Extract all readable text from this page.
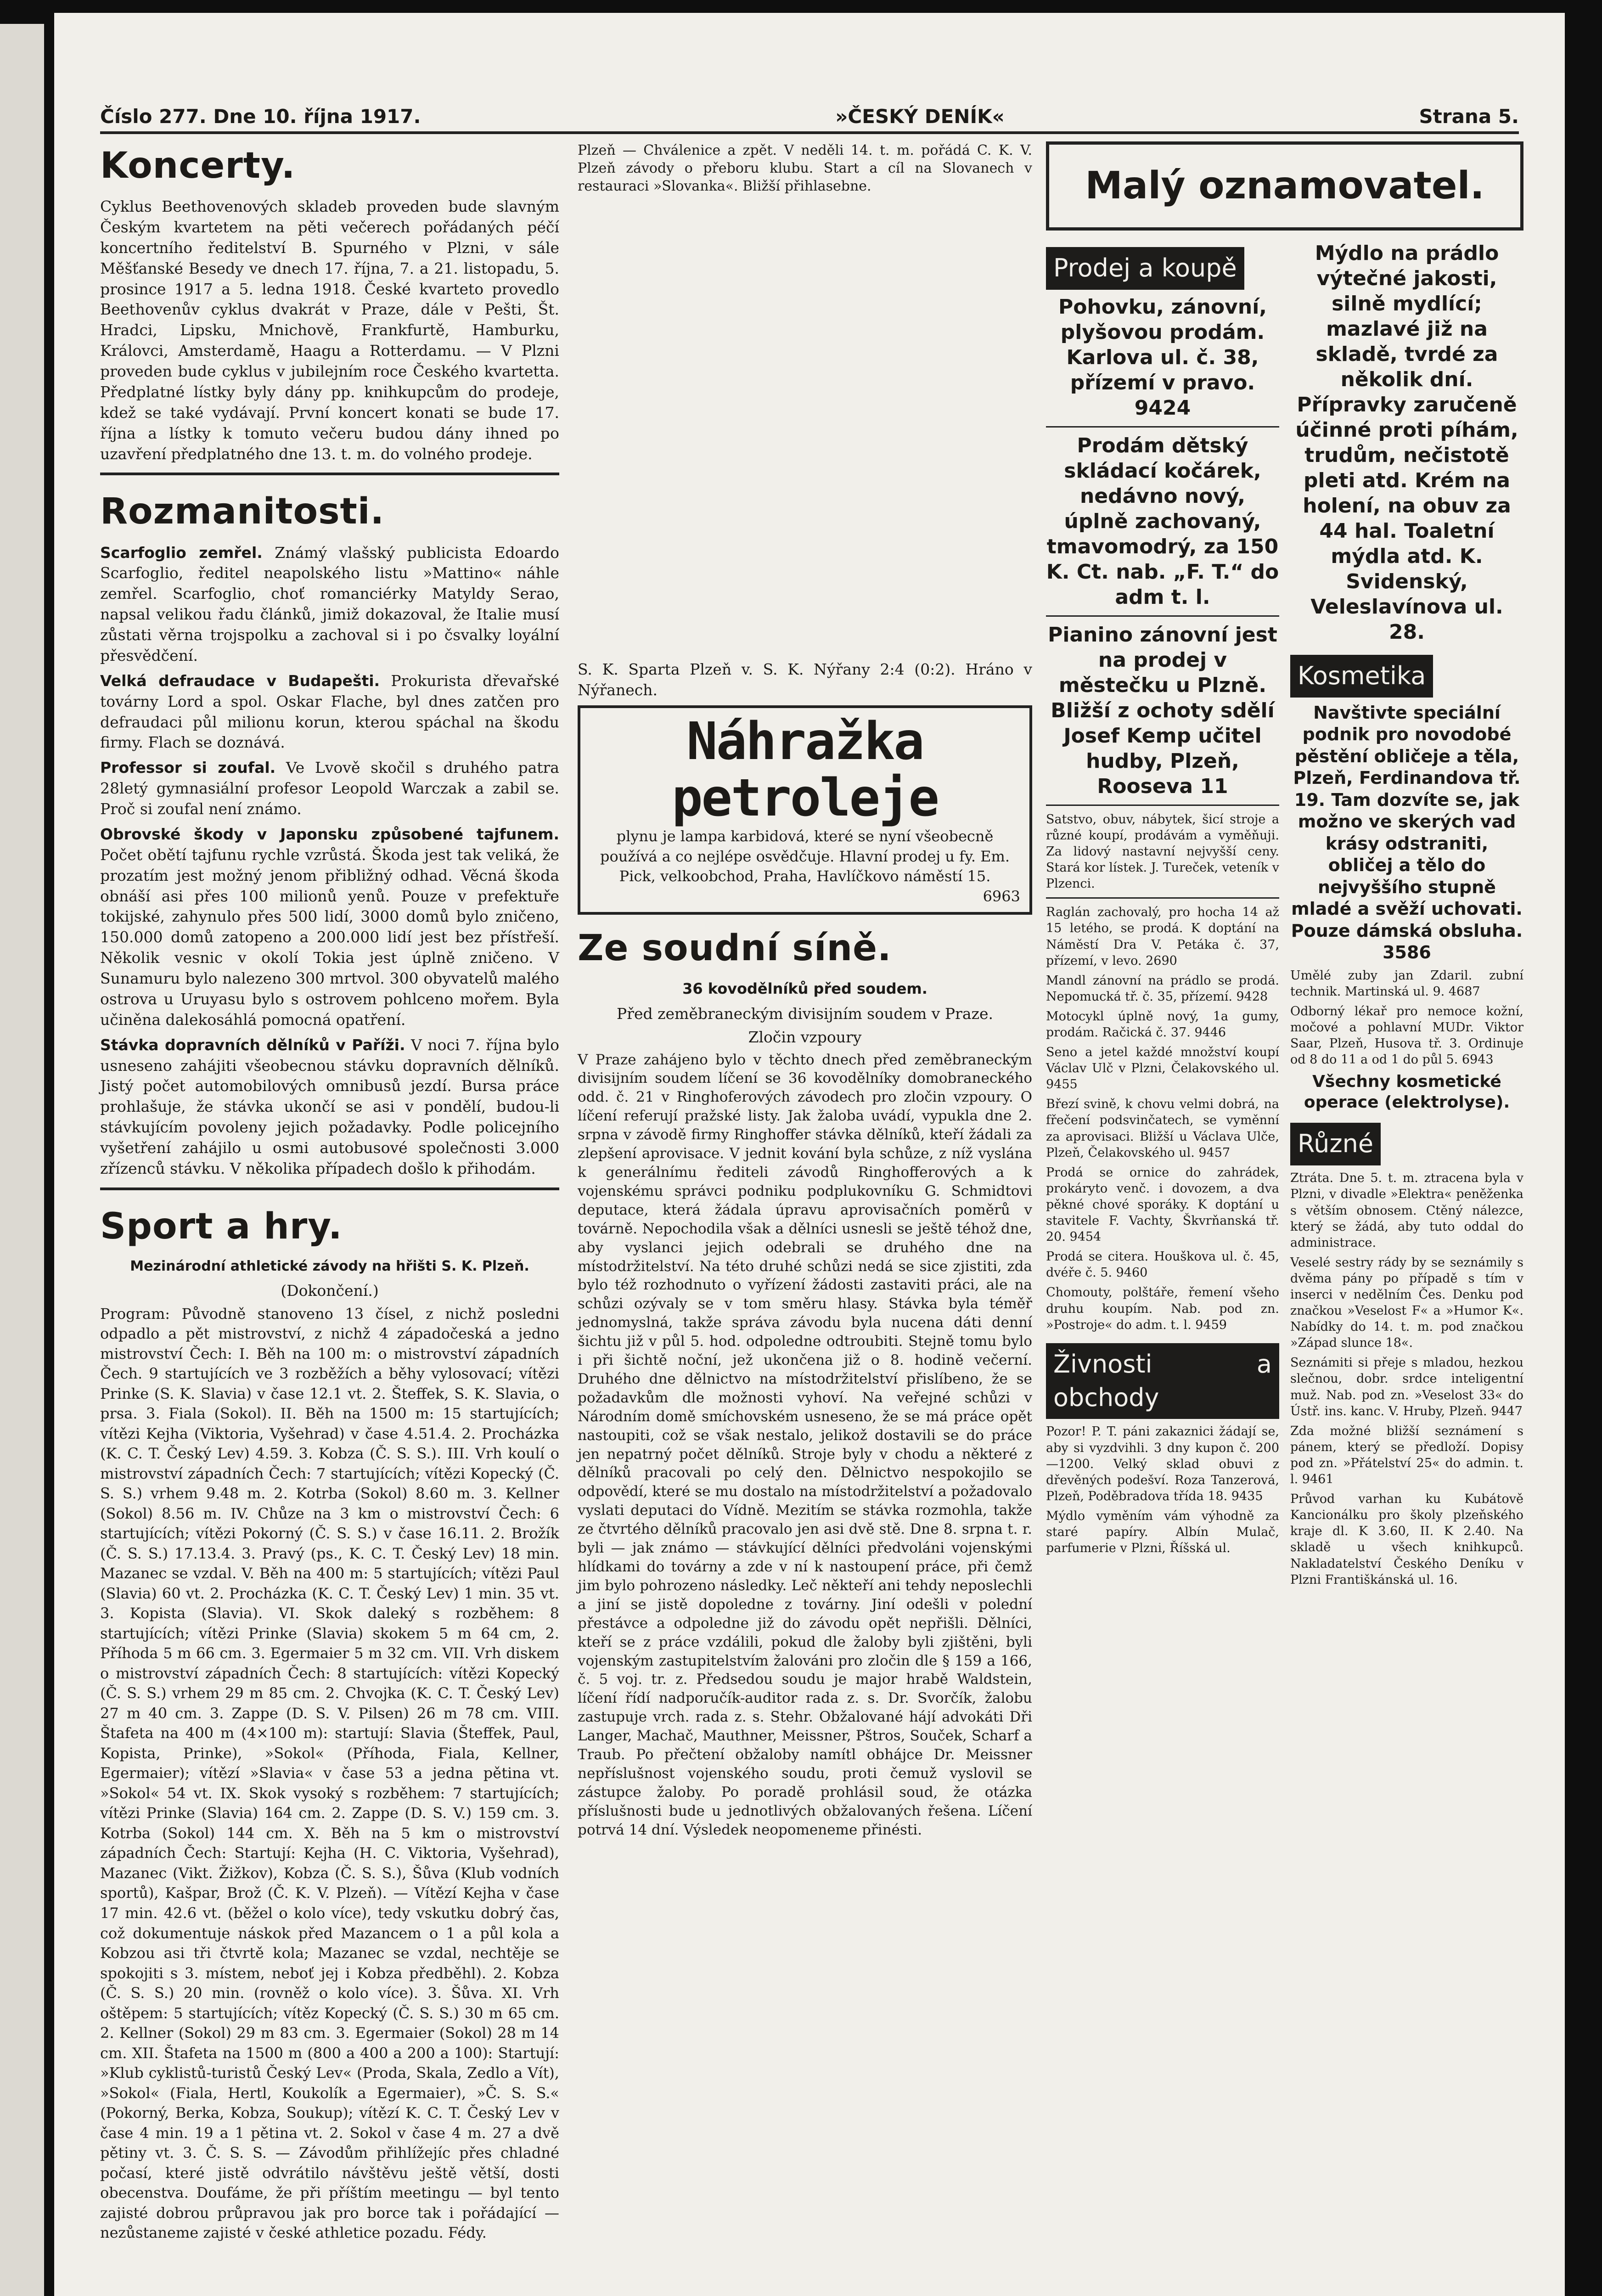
Číslo 277. Dne 10. října 1917.	»ČESKÝ DENÍK«	Strana 5.
Koncerty.

Cyklus Beethovenových skladeb proveden bude slavným Českým kvartetem na pěti večerech pořádaných péčí koncertního ředitelství B. Spurného v Plzni, v sále Měšťanské Besedy ve dnech 17. října, 7. a 21. listopadu, 5. prosince 1917 a 5. ledna 1918. České kvarteto provedlo Beethovenův cyklus dvakrát v Praze, dále v Pešti, Št. Hradci, Lipsku, Mnichově, Frankfurtě, Hamburku, Královci, Amsterdamě, Haagu a Rotterdamu. — V Plzni proveden bude cyklus v jubilejním roce Českého kvartetta. Předplatné lístky byly dány pp. knihkupcům do prodeje, kdež se také vydávají. První koncert konati se bude 17. října a lístky k tomuto večeru budou dány ihned po uzavření předplatného dne 13. t. m. do volného prodeje.

Rozmanitosti.
Scarfoglio zemřel. Známý vlašský publicista Edoardo Scarfoglio, ředitel neapolského listu »Mattino« náhle zemřel. Scarfoglio, choť romanciérky Matyldy Serao, napsal velikou řadu článků, jimiž dokazoval, že Italie musí zůstati věrna trojspolku a zachoval si i po čsvalky loyální přesvědčení.
Velká defraudace v Budapešti. Prokurista dřevařské továrny Lord a spol. Oskar Flache, byl dnes zatčen pro defraudaci půl milionu korun, kterou spáchal na škodu firmy. Flach se doznává.
Professor si zoufal. Ve Lvově skočil s druhého patra 28letý gymnasiální profesor Leopold Warczak a zabil se. Proč si zoufal není známo.
Obrovské škody v Japonsku způsobené tajfunem. Počet obětí tajfunu rychle vzrůstá. Škoda jest tak veliká, že prozatím jest možný jenom přibližný odhad. Věcná škoda obnáší asi přes 100 milionů yenů. Pouze v prefektuře tokijské, zahynulo přes 500 lidí, 3000 domů bylo zničeno, 150.000 domů zatopeno a 200.000 lidí jest bez přístřeší. Několik vesnic v okolí Tokia jest úplně zničeno. V Sunamuru bylo nalezeno 300 mrtvol. 300 obyvatelů malého ostrova u Uruyasu bylo s ostrovem pohlceno mořem. Byla učiněna dalekosáhlá pomocná opatření.
Stávka dopravních dělníků v Paříži. V noci 7. října bylo usneseno zahájiti všeobecnou stávku dopravních dělníků. Jistý počet automobilových omnibusů jezdí. Bursa práce prohlašuje, že stávka ukončí se asi v pondělí, budou-li stávkujícím povoleny jejich požadavky. Podle policejního vyšetření zahájilo u osmi autobusové společnosti 3.000 zřízenců stávku. V několika případech došlo k přihodám.
Sport a hry.
Mezinárodní athletické závody na hřišti S. K. Plzeň.
(Dokončení.)

Program: Původně stanoveno 13 čísel, z nichž posledni odpadlo a pět mistrovství, z nichž 4 západočeská a jedno mistrovství Čech: I. Běh na 100 m: o mistrovství západních Čech. 9 startujících ve 3 rozběžích a běhy vylosovací; vítězi Prinke (S. K. Slavia) v čase 12.1 vt. 2. Šteffek, S. K. Slavia, o prsa. 3. Fiala (Sokol). II. Běh na 1500 m: 15 startujících; vítězi Kejha (Viktoria, Vyšehrad) v čase 4.51.4. 2. Procházka (K. C. T. Český Lev) 4.59. 3. Kobza (Č. S. S.). III. Vrh koulí o mistrovství západních Čech: 7 startujících; vítězi Kopecký (Č. S. S.) vrhem 9.48 m. 2. Kotrba (Sokol) 8.60 m. 3. Kellner (Sokol) 8.56 m. IV. Chůze na 3 km o mistrovství Čech: 6 startujících; vítězi Pokorný (Č. S. S.) v čase 16.11. 2. Brožík (Č. S. S.) 17.13.4. 3. Pravý (ps., K. C. T. Český Lev) 18 min. Mazanec se vzdal. V. Běh na 400 m: 5 startujících; vítězi Paul (Slavia) 60 vt. 2. Procházka (K. C. T. Český Lev) 1 min. 35 vt. 3. Kopista (Slavia). VI. Skok daleký s rozběhem: 8 startujících; vítězi Prinke (Slavia) skokem 5 m 64 cm, 2. Příhoda 5 m 66 cm. 3. Egermaier 5 m 32 cm. VII. Vrh diskem o mistrovství západních Čech: 8 startujících: vítězi Kopecký (Č. S. S.) vrhem 29 m 85 cm. 2. Chvojka (K. C. T. Český Lev) 27 m 40 cm. 3. Zappe (D. S. V. Pilsen) 26 m 78 cm. VIII. Štafeta na 400 m (4×100 m): startují: Slavia (Šteffek, Paul, Kopista, Prinke), »Sokol« (Příhoda, Fiala, Kellner, Egermaier); vítězí »Slavia« v čase 53 a jedna pětina vt. »Sokol« 54 vt. IX. Skok vysoký s rozběhem: 7 startujících; vítězi Prinke (Slavia) 164 cm. 2. Zappe (D. S. V.) 159 cm. 3. Kotrba (Sokol) 144 cm. X. Běh na 5 km o mistrovství západních Čech: Startují: Kejha (H. C. Viktoria, Vyšehrad), Mazanec (Vikt. Žižkov), Kobza (Č. S. S.), Šůva (Klub vodních sportů), Kašpar, Brož (Č. K. V. Plzeň). — Vítězí Kejha v čase 17 min. 42.6 vt. (běžel o kolo více), tedy vskutku dobrý čas, což dokumentuje náskok před Mazancem o 1 a půl kola a Kobzou asi tři čtvrtě kola; Mazanec se vzdal, nechtěje se spokojiti s 3. místem, neboť jej i Kobza předběhl). 2. Kobza (Č. S. S.) 20 min. (rovněž o kolo více). 3. Šůva. XI. Vrh oštěpem: 5 startujících; vítěz Kopecký (Č. S. S.) 30 m 65 cm. 2. Kellner (Sokol) 29 m 83 cm. 3. Egermaier (Sokol) 28 m 14 cm. XII. Štafeta na 1500 m (800 a 400 a 200 a 100): Startují: »Klub cyklistů-turistů Český Lev« (Proda, Skala, Zedlo a Vít), »Sokol« (Fiala, Hertl, Koukolík a Egermaier), »Č. S. S.« (Pokorný, Berka, Kobza, Soukup); vítězí K. C. T. Český Lev v čase 4 min. 19 a 1 pětina vt. 2. Sokol v čase 4 m. 27 a dvě pětiny vt. 3. Č. S. S. — Závodům přihlížejíc přes chladné počasí, které jistě odvrátilo návštěvu ještě větší, dosti obecenstva. Doufáme, že při příštím meetingu — byl tento zajisté dobrou průpravou jak pro borce tak i pořádající — nezůstaneme zajisté v české athletice pozadu. Fédy.

Plzeň — Chválenice a zpět. V neděli 14. t. m. pořádá C. K. V. Plzeň závody o přeboru klubu. Start a cíl na Slovanech v restauraci »Slovanka«. Bližší přihlasebne.

S. K. Sparta Plzeň v. S. K. Nýřany 2:4 (0:2). Hráno v Nýřanech.

Náhražka petroleje
plynu je lampa karbidová, které se nyní všeobecně používá a co nejlépe osvědčuje. Hlavní prodej u fy. Em. Pick, velkoobchod, Praha, Havlíčkovo náměstí 15.
6963
Ze soudní síně.
36 kovodělníků před soudem.
Před zeměbraneckým divisijním soudem v Praze.
Zločin vzpoury

V Praze zahájeno bylo v těchto dnech před zeměbraneckým divisijním soudem líčení se 36 kovodělníky domobraneckého odd. č. 21 v Ringhoferových závodech pro zločin vzpoury. O líčení referují pražské listy. Jak žaloba uvádí, vypukla dne 2. srpna v závodě firmy Ringhoffer stávka dělníků, kteří žádali za zlepšení aprovisace. V jednit kování byla schůze, z níž vyslána k generálnímu řediteli závodů Ringhofferových a k vojenskému správci podniku podplukovníku G. Schmidtovi deputace, která žádala úpravu aprovisačních poměrů v továrně. Nepochodila však a dělníci usnesli se ještě téhož dne, aby vyslanci jejich odebrali se druhého dne na místodržitelství. Na této druhé schůzi nedá se sice zjistiti, zda bylo též rozhodnuto o vyřízení žádosti zastaviti práci, ale na schůzi ozývaly se v tom směru hlasy. Stávka byla téměř jednomyslná, takže správa závodu byla nucena dáti denní šichtu již v půl 5. hod. odpoledne odtroubiti. Stejně tomu bylo i při šichtě noční, jež ukončena již o 8. hodině večerní. Druhého dne dělnictvo na místodržitelství přislíbeno, že se požadavkům dle možnosti vyhoví. Na veřejné schůzi v Národním domě smíchovském usneseno, že se má práce opět nastoupiti, což se však nestalo, jelikož dostavili se do práce jen nepatrný počet dělníků. Stroje byly v chodu a některé z dělníků pracovali po celý den. Dělnictvo nespokojilo se odpovědí, které se mu dostalo na místodržitelství a požadovalo vyslati deputaci do Vídně. Mezitím se stávka rozmohla, takže ze čtvrtého dělníků pracovalo jen asi dvě stě. Dne 8. srpna t. r. byli — jak známo — stávkující dělníci předvoláni vojenskými hlídkami do továrny a zde v ní k nastoupení práce, při čemž jim bylo pohrozeno následky. Leč někteří ani tehdy neposlechli a jiní se jistě dopoledne z továrny. Jiní odešli v polední přestávce a odpoledne již do závodu opět nepřišli. Dělníci, kteří se z práce vzdálili, pokud dle žaloby byli zjištěni, byli vojenským zastupitelstvím žalováni pro zločin dle § 159 a 166, č. 5 voj. tr. z. Předsedou soudu je major hrabě Waldstein, líčení řídí nadporučík-auditor rada z. s. Dr. Svorčík, žalobu zastupuje vrch. rada z. s. Stehr. Obžalované hájí advokáti Dři Langer, Machač, Mauthner, Meissner, Pštros, Souček, Scharf a Traub. Po přečtení obžaloby namítl obhájce Dr. Meissner nepříslušnost vojenského soudu, proti čemuž vyslovil se zástupce žaloby. Po poradě prohlásil soud, že otázka příslušnosti bude u jednotlivých obžalovaných řešena. Líčení potrvá 14 dní. Výsledek neopomeneme přinésti.

Malý oznamovatel.
Prodej a koupě

Pohovku, zánovní, plyšovou prodám. Karlova ul. č. 38, přízemí v pravo. 9424

Prodám dětský skládací kočárek, nedávno nový, úplně zachovaný, tmavomodrý, za 150 K. Ct. nab. „F. T.“ do adm t. l.

Pianino zánovní jest na prodej v městečku u Plzně. Bližší z ochoty sdělí Josef Kemp učitel hudby, Plzeň, Rooseva 11

Satstvo, obuv, nábytek, šicí stroje a různé koupí, prodávám a vyměňuji. Za lidový nastavní nejvyšší ceny. Stará kor lístek. J. Tureček, veteník v Plzenci.

Raglán zachovalý, pro hocha 14 až 15 letého, se prodá. K doptání na Náměstí Dra V. Petáka č. 37, přízemí, v levo. 2690

Mandl zánovní na prádlo se prodá. Nepomucká tř. č. 35, přízemí. 9428

Motocykl úplně nový, 1a gumy, prodám. Račická č. 37. 9446

Seno a jetel každé množství koupí Václav Ulč v Plzni, Čelakovského ul. 9455

Březí svině, k chovu velmi dobrá, na fřečení podsvinčatech, se vyměnní za aprovisaci. Bližší u Václava Ulče, Plzeň, Čelakovského ul. 9457

Prodá se ornice do zahrádek, prokáryto venč. i dovozem, a dva pěkné chové sporáky. K doptání u stavitele F. Vachty, Škvrňanská tř. 20. 9454

Prodá se citera. Houškova ul. č. 45, dvéře č. 5. 9460

Chomouty, polštáře, řemení všeho druhu koupím. Nab. pod zn. »Postroje« do adm. t. l. 9459

Živnosti a obchody

Pozor! P. T. páni zakaznici žádají se, aby si vyzdvihli. 3 dny kupon č. 200—1200. Velký sklad obuvi z dřevěných podešví. Roza Tanzerová, Plzeň, Poděbradova třída 18. 9435

Mýdlo vyměním vám výhodně za staré papíry. Albín Mulač, parfumerie v Plzni, Říšská ul.

Mýdlo na prádlo výtečné jakosti, silně mydlící; mazlavé již na skladě, tvrdé za několik dní. Přípravky zaručeně účinné proti píhám, trudům, nečistotě pleti atd. Krém na holení, na obuv za 44 hal. Toaletní mýdla atd. K. Svidenský, Veleslavínova ul. 28.

Kosmetika

Navštivte speciální podnik pro novodobé pěstění obličeje a těla, Plzeň, Ferdinandova tř. 19. Tam dozvíte se, jak možno ve skerých vad krásy odstraniti, obličej a tělo do nejvyššího stupně mladé a svěží uchovati. Pouze dámská obsluha. 3586

Umělé zuby jan Zdaril. zubní technik. Martinská ul. 9. 4687

Odborný lékař pro nemoce kožní, močové a pohlavní MUDr. Viktor Saar, Plzeň, Husova tř. 3. Ordinuje od 8 do 11 a od 1 do půl 5. 6943

Všechny kosmetické operace (elektrolyse).

Různé

Ztráta. Dne 5. t. m. ztracena byla v Plzni, v divadle »Elektra« peněženka s větším obnosem. Ctěný nálezce, který se žádá, aby tuto oddal do administrace.

Veselé sestry rády by se seznámily s dvěma pány po případě s tím v inserci v nedělním Čes. Denku pod značkou »Veselost F« a »Humor K«. Nabídky do 14. t. m. pod značkou »Západ slunce 18«.

Seznámiti si přeje s mladou, hezkou slečnou, dobr. srdce inteligentní muž. Nab. pod zn. »Veselost 33« do Ústř. ins. kanc. V. Hruby, Plzeň. 9447

Zda možné bližší seznámení s pánem, který se předloží. Dopisy pod zn. »Přátelství 25« do admin. t. l. 9461

Průvod varhan ku Kubátově Kancionálku pro školy plzeňského kraje dl. K 3.60, II. K 2.40. Na skladě u všech knihkupců. Nakladatelství Českého Deníku v Plzni Františkánská ul. 16.
